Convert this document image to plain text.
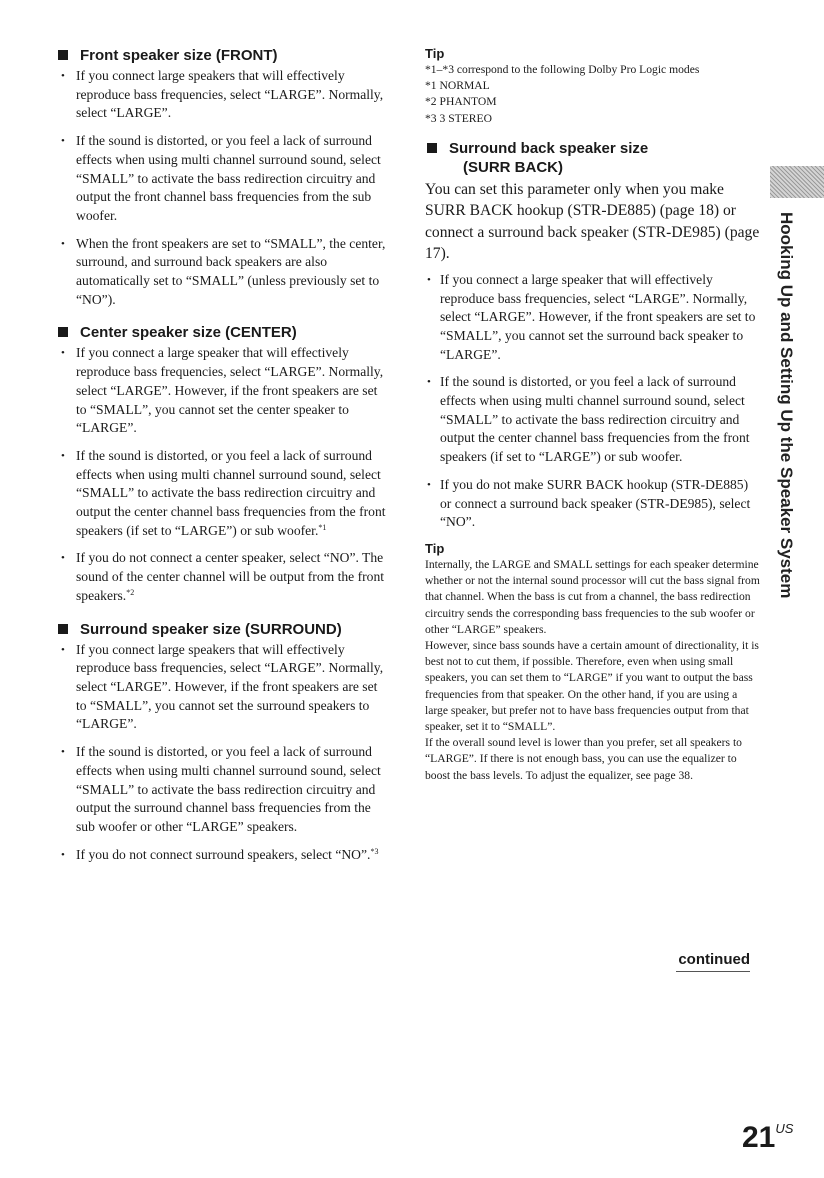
Front speaker size (FRONT)
• If you connect large speakers that will effectively reproduce bass frequencies, select “LARGE”. Normally, select “LARGE”.
• If the sound is distorted, or you feel a lack of surround effects when using multi channel surround sound, select “SMALL” to activate the bass redirection circuitry and output the front channel bass frequencies from the sub woofer.
• When the front speakers are set to “SMALL”, the center, surround, and surround back speakers are also automatically set to “SMALL” (unless previously set to “NO”).
Center speaker size (CENTER)
• If you connect a large speaker that will effectively reproduce bass frequencies, select “LARGE”. Normally, select “LARGE”. However, if the front speakers are set to “SMALL”, you cannot set the center speaker to “LARGE”.
• If the sound is distorted, or you feel a lack of surround effects when using multi channel surround sound, select “SMALL” to activate the bass redirection circuitry and output the center channel bass frequencies from the front speakers (if set to “LARGE”) or sub woofer.$^{*1}$
• If you do not connect a center speaker, select “NO”. The sound of the center channel will be output from the front speakers.$^{*2}$
Surround speaker size (SURROUND)
• If you connect large speakers that will effectively reproduce bass frequencies, select “LARGE”. Normally, select “LARGE”. However, if the front speakers are set to “SMALL”, you cannot set the surround speakers to “LARGE”.
• If the sound is distorted, or you feel a lack of surround effects when using multi channel surround sound, select “SMALL” to activate the bass redirection circuitry and output the surround channel bass frequencies from the sub woofer or other “LARGE” speakers.
• If you do not connect surround speakers, select “NO”.$^{*3}$

Tip

*1–*3 correspond to the following Dolby Pro Logic modes
*1 NORMAL
*2 PHANTOM
*3 3 STEREO
Surround back speaker size
(SURR BACK)

You can set this parameter only when you make SURR BACK hookup (STR-DE885) (page 18) or connect a surround back speaker (STR-DE985) (page 17).

• If you connect a large speaker that will effectively reproduce bass frequencies, select “LARGE”. Normally, select “LARGE”. However, if the front speakers are set to “SMALL”, you cannot set the surround back speaker to “LARGE”.
• If the sound is distorted, or you feel a lack of surround effects when using multi channel surround sound, select “SMALL” to activate the bass redirection circuitry and output the center channel bass frequencies from the front speakers (if set to “LARGE”) or sub woofer.
• If you do not make SURR BACK hookup (STR-DE885) or connect a surround back speaker (STR-DE985), select “NO”.

Tip

Internally, the LARGE and SMALL settings for each speaker determine whether or not the internal sound processor will cut the bass signal from that channel. When the bass is cut from a channel, the bass redirection circuitry sends the corresponding bass frequencies to the sub woofer or other “LARGE” speakers.
However, since bass sounds have a certain amount of directionality, it is best not to cut them, if possible. Therefore, even when using small speakers, you can set them to “LARGE” if you want to output the bass frequencies from that speaker. On the other hand, if you are using a large speaker, but prefer not to have bass frequencies output from that speaker, set it to “SMALL”.
If the overall sound level is lower than you prefer, set all speakers to “LARGE”. If there is not enough bass, you can use the equalizer to boost the bass levels. To adjust the equalizer, see page 38.
Hooking Up and Setting Up the Speaker System
continued
$21^{US}$
